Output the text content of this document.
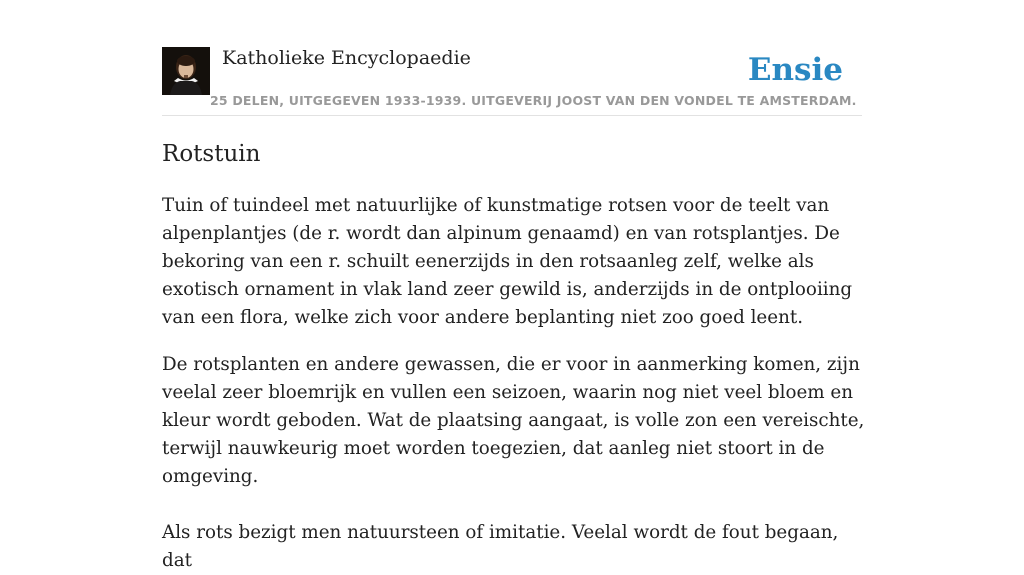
Katholieke Encyclopaedie
25 DELEN, UITGEGEVEN 1933-1939. UITGEVERIJ JOOST VAN DEN VONDEL TE AMSTERDAM.
Ensie
Rotstuin

Tuin of tuindeel met natuurlijke of kunstmatige rotsen voor de teelt van alpenplantjes (de r. wordt dan alpinum genaamd) en van rotsplantjes. De bekoring van een r. schuilt eenerzijds in den rotsaanleg zelf, welke als exotisch ornament in vlak land zeer gewild is, anderzijds in de ontplooiing van een flora, welke zich voor andere beplanting niet zoo goed leent.

De rotsplanten en andere gewassen, die er voor in aanmerking komen, zijn veelal zeer bloemrijk en vullen een seizoen, waarin nog niet veel bloem en kleur wordt geboden. Wat de plaatsing aangaat, is volle zon een vereischte, terwijl nauwkeurig moet worden toegezien, dat aanleg niet stoort in de omgeving.

Als rots bezigt men natuursteen of imitatie. Veelal wordt de fout begaan, dat
